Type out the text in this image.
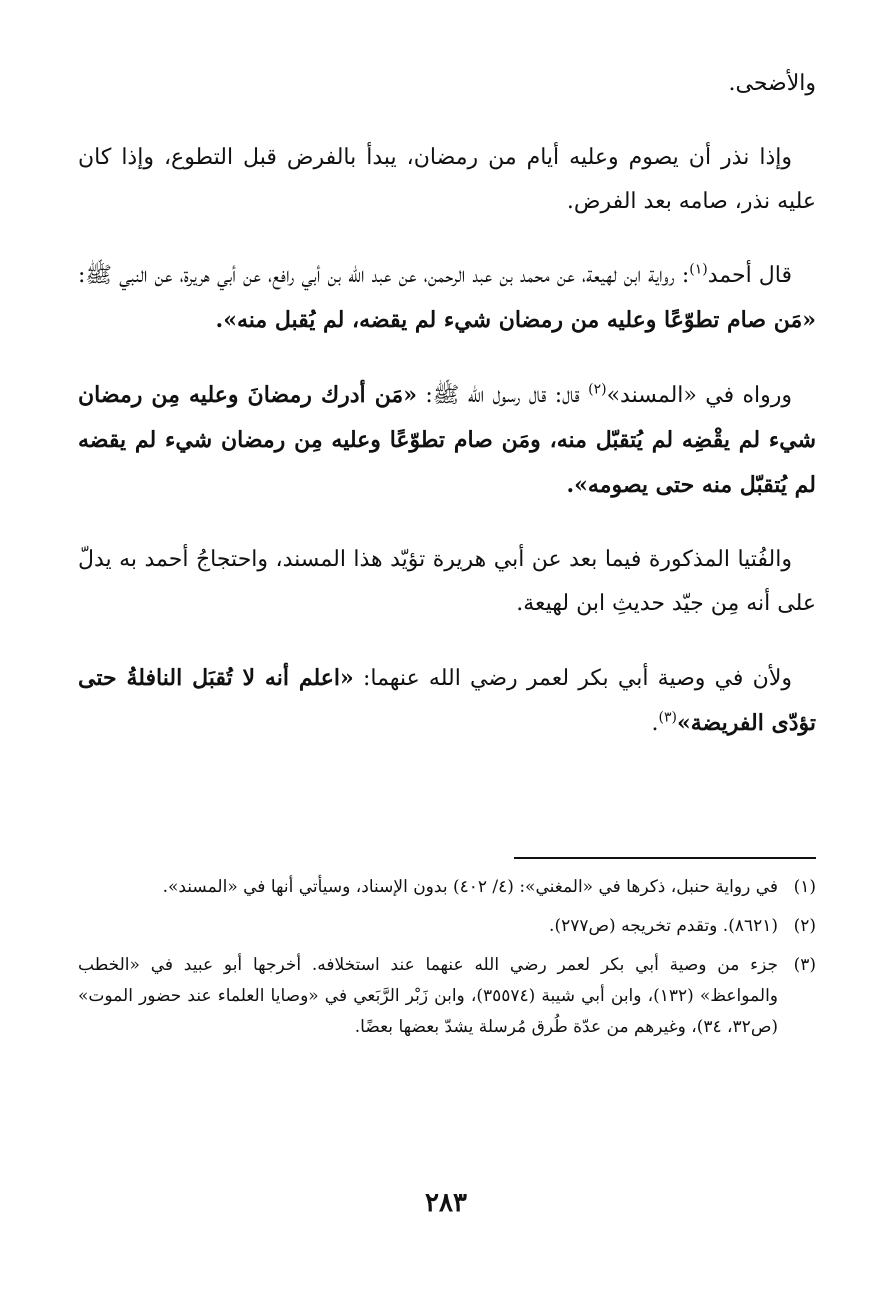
والأضحى.

وإذا نذر أن يصوم وعليه أيام من رمضان، يبدأ بالفرض قبل التطوع، وإذا كان عليه نذر، صامه بعد الفرض.

قال أحمد$^{(١)}$: رواية ابن لهيعة، عن محمد بن عبد الرحمن، عن عبد الله بن أبي رافع، عن أبي هريرة، عن النبي ﷺ: «مَن صام تطوّعًا وعليه من رمضان شيء لم يقضه، لم يُقبل منه».

ورواه في «المسند»$^{(٢)}$ قال: قال رسول الله ﷺ: «مَن أدرك رمضانَ وعليه مِن رمضان شيء لم يقْضِه لم يُتقبّل منه، ومَن صام تطوّعًا وعليه مِن رمضان شيء لم يقضه لم يُتقبّل منه حتى يصومه».

والفُتيا المذكورة فيما بعد عن أبي هريرة تؤيّد هذا المسند، واحتجاجُ أحمد به يدلّ على أنه مِن جيّد حديثِ ابن لهيعة.

ولأن في وصية أبي بكر لعمر رضي الله عنهما: «اعلم أنه لا تُقبَل النافلةُ حتى تؤدّى الفريضة»$^{(٣)}$.

(١)
في رواية حنبل، ذكرها في «المغني»: (٤/ ٤٠٢) بدون الإسناد، وسيأتي أنها في «المسند».
(٢)
(٨٦٢١). وتقدم تخريجه (ص٢٧٧).
(٣)
جزء من وصية أبي بكر لعمر رضي الله عنهما عند استخلافه. أخرجها أبو عبيد في «الخطب والمواعظ» (١٣٢)، وابن أبي شيبة (٣٥٥٧٤)، وابن زَبْر الرَّبَعي في «وصايا العلماء عند حضور الموت» (ص٣٢، ٣٤)، وغيرهم من عدّة طُرق مُرسلة يشدّ بعضها بعضًا.
٢٨٣
